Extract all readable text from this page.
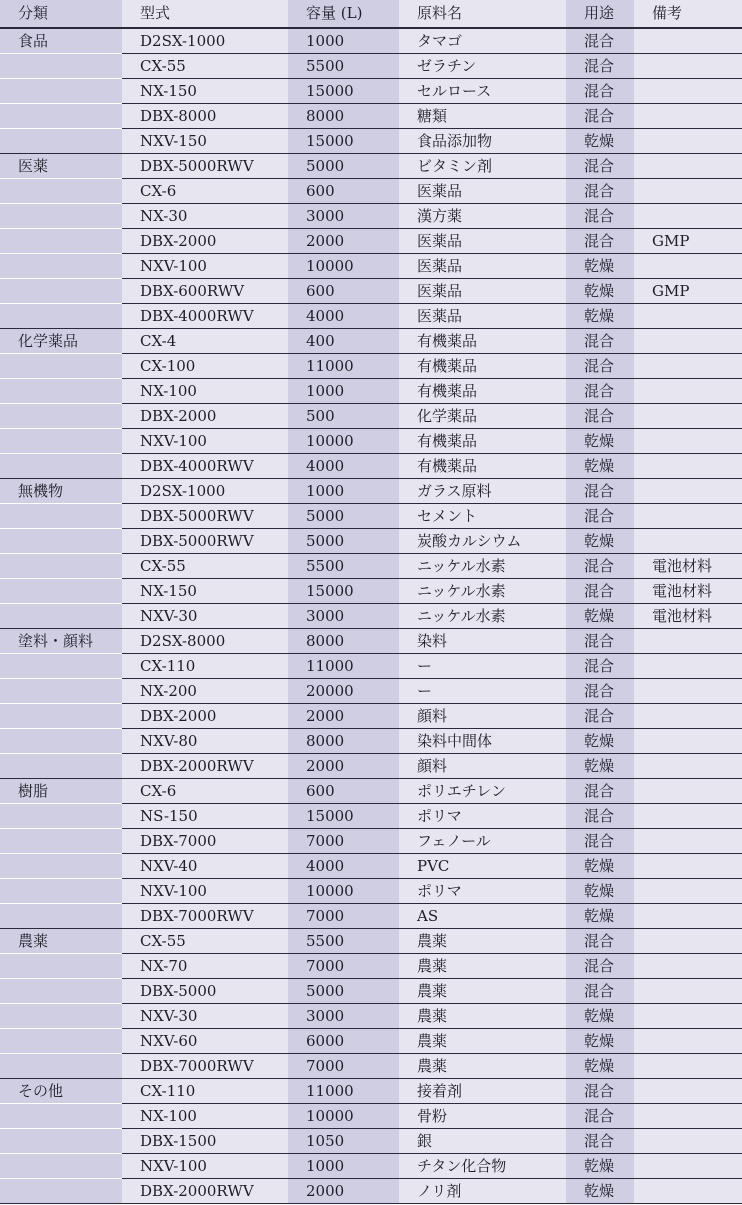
分類	型式	容量 (L)	原料名	用途	備考
食品	D2SX-1000	1000	タマゴ	混合	
	CX-55	5500	ゼラチン	混合	
	NX-150	15000	セルロース	混合	
	DBX-8000	8000	糖類	混合	
	NXV-150	15000	食品添加物	乾燥	
医薬	DBX-5000RWV	5000	ビタミン剤	混合	
	CX-6	600	医薬品	混合	
	NX-30	3000	漢方薬	混合	
	DBX-2000	2000	医薬品	混合	GMP
	NXV-100	10000	医薬品	乾燥	
	DBX-600RWV	600	医薬品	乾燥	GMP
	DBX-4000RWV	4000	医薬品	乾燥	
化学薬品	CX-4	400	有機薬品	混合	
	CX-100	11000	有機薬品	混合	
	NX-100	1000	有機薬品	混合	
	DBX-2000	500	化学薬品	混合	
	NXV-100	10000	有機薬品	乾燥	
	DBX-4000RWV	4000	有機薬品	乾燥	
無機物	D2SX-1000	1000	ガラス原料	混合	
	DBX-5000RWV	5000	セメント	混合	
	DBX-5000RWV	5000	炭酸カルシウム	乾燥	
	CX-55	5500	ニッケル水素	混合	電池材料
	NX-150	15000	ニッケル水素	混合	電池材料
	NXV-30	3000	ニッケル水素	乾燥	電池材料
塗料・顔料	D2SX-8000	8000	染料	混合	
	CX-110	11000	ー	混合	
	NX-200	20000	ー	混合	
	DBX-2000	2000	顔料	混合	
	NXV-80	8000	染料中間体	乾燥	
	DBX-2000RWV	2000	顔料	乾燥	
樹脂	CX-6	600	ポリエチレン	混合	
	NS-150	15000	ポリマ	混合	
	DBX-7000	7000	フェノール	混合	
	NXV-40	4000	PVC	乾燥	
	NXV-100	10000	ポリマ	乾燥	
	DBX-7000RWV	7000	AS	乾燥	
農薬	CX-55	5500	農薬	混合	
	NX-70	7000	農薬	混合	
	DBX-5000	5000	農薬	混合	
	NXV-30	3000	農薬	乾燥	
	NXV-60	6000	農薬	乾燥	
	DBX-7000RWV	7000	農薬	乾燥	
その他	CX-110	11000	接着剤	混合	
	NX-100	10000	骨粉	混合	
	DBX-1500	1050	銀	混合	
	NXV-100	1000	チタン化合物	乾燥	
	DBX-2000RWV	2000	ノリ剤	乾燥	
